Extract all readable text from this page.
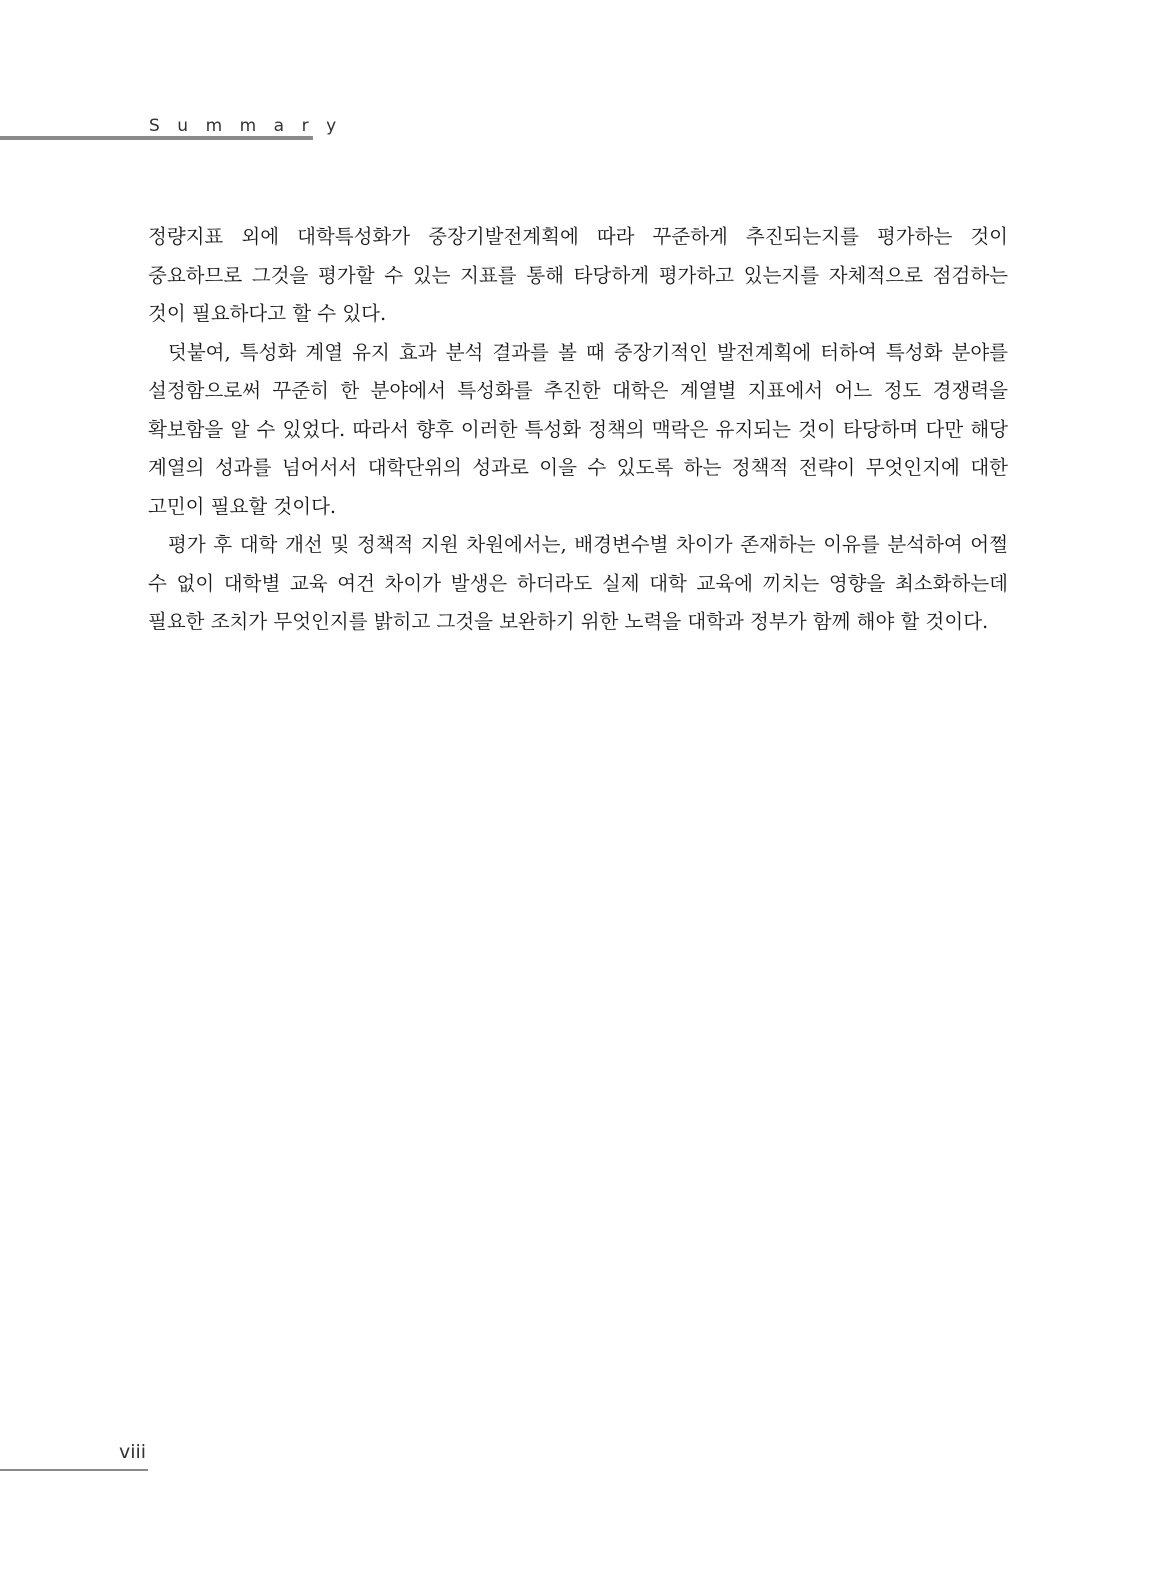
Summary

정량지표 외에 대학특성화가 중장기발전계획에 따라 꾸준하게 추진되는지를 평가하는 것이 중요하므로 그것을 평가할 수 있는 지표를 통해 타당하게 평가하고 있는지를 자체적으로 점검하는 것이 필요하다고 할 수 있다.

덧붙여, 특성화 계열 유지 효과 분석 결과를 볼 때 중장기적인 발전계획에 터하여 특성화 분야를 설정함으로써 꾸준히 한 분야에서 특성화를 추진한 대학은 계열별 지표에서 어느 정도 경쟁력을 확보함을 알 수 있었다. 따라서 향후 이러한 특성화 정책의 맥락은 유지되는 것이 타당하며 다만 해당 계열의 성과를 넘어서서 대학단위의 성과로 이을 수 있도록 하는 정책적 전략이 무엇인지에 대한 고민이 필요할 것이다.

평가 후 대학 개선 및 정책적 지원 차원에서는, 배경변수별 차이가 존재하는 이유를 분석하여 어쩔 수 없이 대학별 교육 여건 차이가 발생은 하더라도 실제 대학 교육에 끼치는 영향을 최소화하는데 필요한 조치가 무엇인지를 밝히고 그것을 보완하기 위한 노력을 대학과 정부가 함께 해야 할 것이다.

viii
